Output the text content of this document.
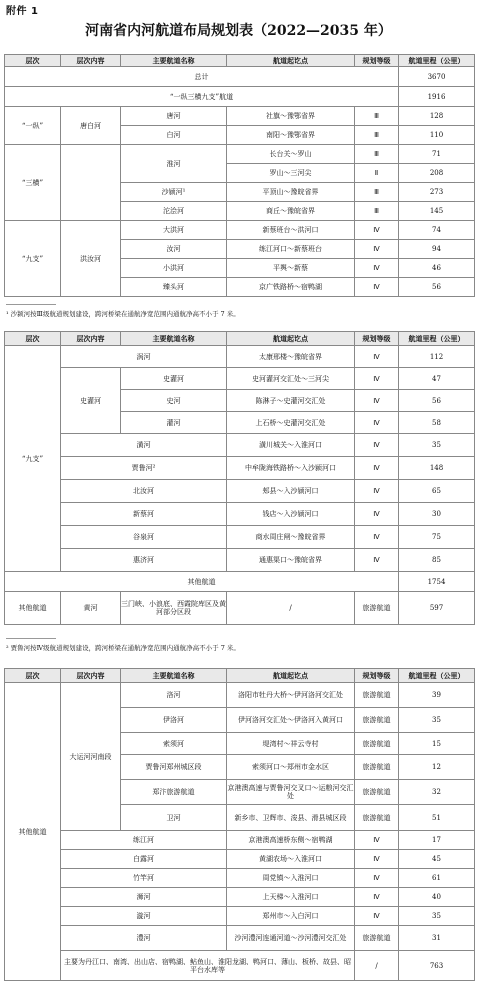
附件 1
河南省内河航道布局规划表（2022—2035 年）
层次	层次内容	主要航道名称	航道起讫点	规划等级	航道里程（公里）
总计					3670
“一纵三横九支”航道					1916
“一纵”	唐白河	唐河	社旗～豫鄂省界	Ⅲ	128
		白河	南阳～豫鄂省界	Ⅲ	110
“三横”		淮河	长台关～罗山	Ⅲ	71
			罗山～三河尖	Ⅱ	208
		沙颍河¹	平顶山～豫皖省界	Ⅲ	273
		沱浍河	商丘～豫皖省界	Ⅲ	145
“九支”	洪汝河	大洪河	新蔡班台～洪河口	Ⅳ	74
		汝河	练江河口～新蔡班台	Ⅳ	94
		小洪河	平舆～新蔡	Ⅳ	46
		臻头河	京广铁路桥～宿鸭湖	Ⅳ	56
¹ 沙颍河按Ⅲ级航道规划建设，跨河桥梁在通航净宽范围内通航净高不小于 7 米。
层次	层次内容	主要航道名称	航道起讫点	规划等级	航道里程（公里）
“九支”	涡河		太康邢楼～豫皖省界	Ⅳ	112
	史灌河	史灌河	史河灌河交汇处～三河尖	Ⅳ	47
		史河	陈淋子～史灌河交汇处	Ⅳ	56
		灌河	上石桥～史灌河交汇处	Ⅳ	58
	潢河		潢川城关～入淮河口	Ⅳ	35
	贾鲁河²		中牟陇海铁路桥～入沙颍河口	Ⅳ	148
	北汝河		郏县～入沙颍河口	Ⅳ	65
	新蔡河		钱店～入沙颍河口	Ⅳ	30
	谷泉河		商水周庄闸～豫皖省界	Ⅳ	75
	惠济河		通惠渠口～豫皖省界	Ⅳ	85
其他航道					1754
其他航道	黄河	三门峡、小浪底、西霞院库区及黄河部分区段	/	旅游航道	597
² 贾鲁河按Ⅳ级航道规划建设，跨河桥梁在通航净宽范围内通航净高不小于 7 米。
层次	层次内容	主要航道名称	航道起讫点	规划等级	航道里程（公里）
其他航道	大运河河南段	洛河	洛阳市牡丹大桥～伊河洛河交汇处	旅游航道	39
		伊洛河	伊河洛河交汇处～伊洛河入黄河口	旅游航道	35
		索须河	堤湾村～祥云寺村	旅游航道	15
		贾鲁河郑州城区段	索须河口～郑州市金水区	旅游航道	12
		郑汴旅游航道	京港澳高速与贾鲁河交叉口～运粮河交汇处	旅游航道	32
		卫河	新乡市、卫辉市、浚县、滑县城区段	旅游航道	51
	练江河		京港澳高速桥东侧～宿鸭湖	Ⅳ	17
	白露河		黄湖农场～入淮河口	Ⅳ	45
	竹竿河		周党镇～入淮河口	Ⅳ	61
	浉河		上天梯～入淮河口	Ⅳ	40
	漩河		郑州市～入白河口	Ⅳ	35
	澧河		沙河澧河连通河道～沙河澧河交汇处	旅游航道	31
	主要为丹江口、南湾、出山店、宿鸭湖、鲇鱼山、淮阳龙湖、鸭河口、薄山、板桥、故县、昭平台水库等			/	763
